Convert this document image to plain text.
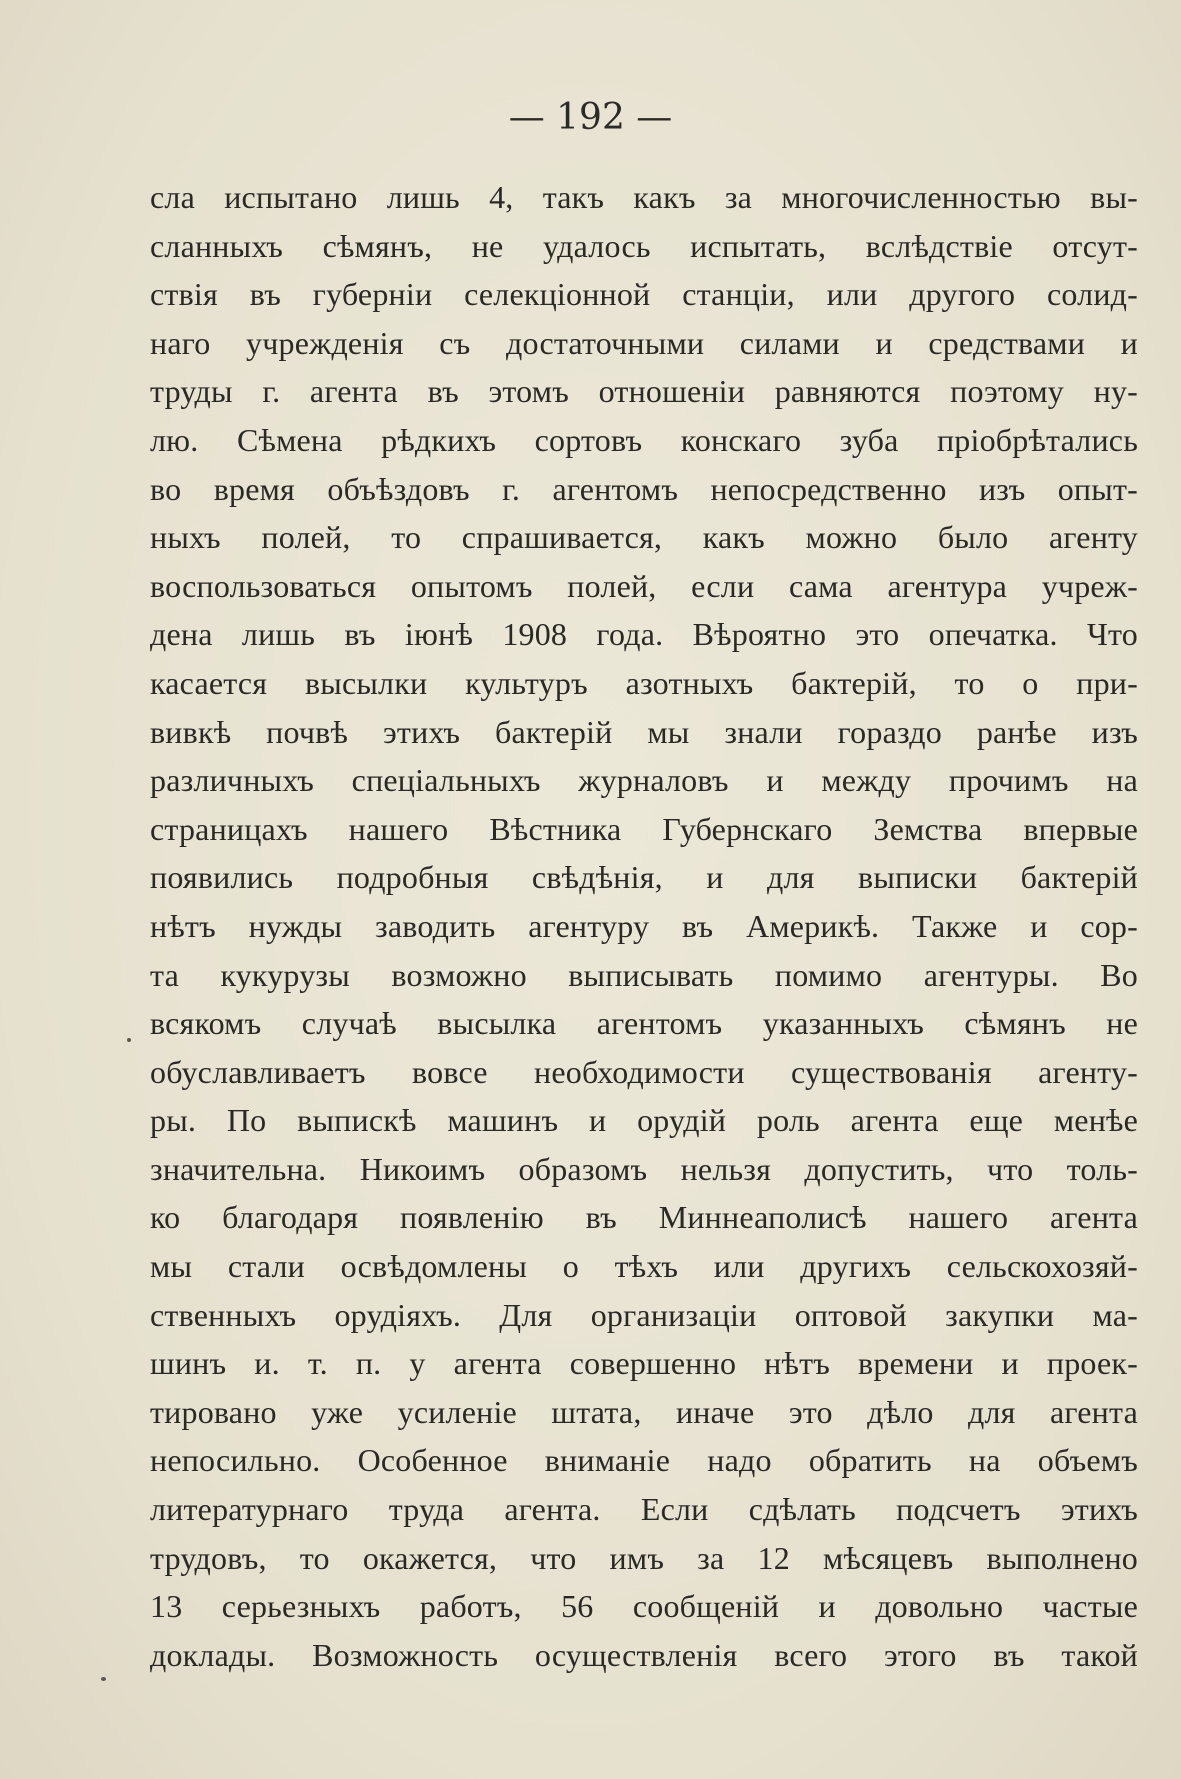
— 192 —
сла испытано лишь 4, такъ какъ за многочисленностью вы-
сланныхъ сѣмянъ, не удалось испытать, вслѣдствіе отсут-
ствія въ губерніи селекціонной станціи, или другого солид-
наго учрежденія съ достаточными силами и средствами и
труды г. агента въ этомъ отношеніи равняются поэтому ну-
лю. Сѣмена рѣдкихъ сортовъ конскаго зуба пріобрѣтались
во время объѣздовъ г. агентомъ непосредственно изъ опыт-
ныхъ полей, то спрашивается, какъ можно было агенту
воспользоваться опытомъ полей, если сама агентура учреж-
дена лишь въ іюнѣ 1908 года. Вѣроятно это опечатка. Что
касается высылки культуръ азотныхъ бактерій, то о при-
вивкѣ почвѣ этихъ бактерій мы знали гораздо ранѣе изъ
различныхъ спеціальныхъ журналовъ и между прочимъ на
страницахъ нашего Вѣстника Губернскаго Земства впервые
появились подробныя свѣдѣнія, и для выписки бактерій
нѣтъ нужды заводить агентуру въ Америкѣ. Также и сор-
та кукурузы возможно выписывать помимо агентуры. Во
всякомъ случаѣ высылка агентомъ указанныхъ сѣмянъ не
обуславливаетъ вовсе необходимости существованія агенту-
ры. По выпискѣ машинъ и орудій роль агента еще менѣе
значительна. Никоимъ образомъ нельзя допустить, что толь-
ко благодаря появленію въ Миннеаполисѣ нашего агента
мы стали освѣдомлены о тѣхъ или другихъ сельскохозяй-
ственныхъ орудіяхъ. Для организаціи оптовой закупки ма-
шинъ и. т. п. у агента совершенно нѣтъ времени и проек-
тировано уже усиленіе штата, иначе это дѣло для агента
непосильно. Особенное вниманіе надо обратить на объемъ
литературнаго труда агента. Если сдѣлать подсчетъ этихъ
трудовъ, то окажется, что имъ за 12 мѣсяцевъ выполнено
13 серьезныхъ работъ, 56 сообщеній и довольно частые
доклады. Возможность осуществленія всего этого въ такой
